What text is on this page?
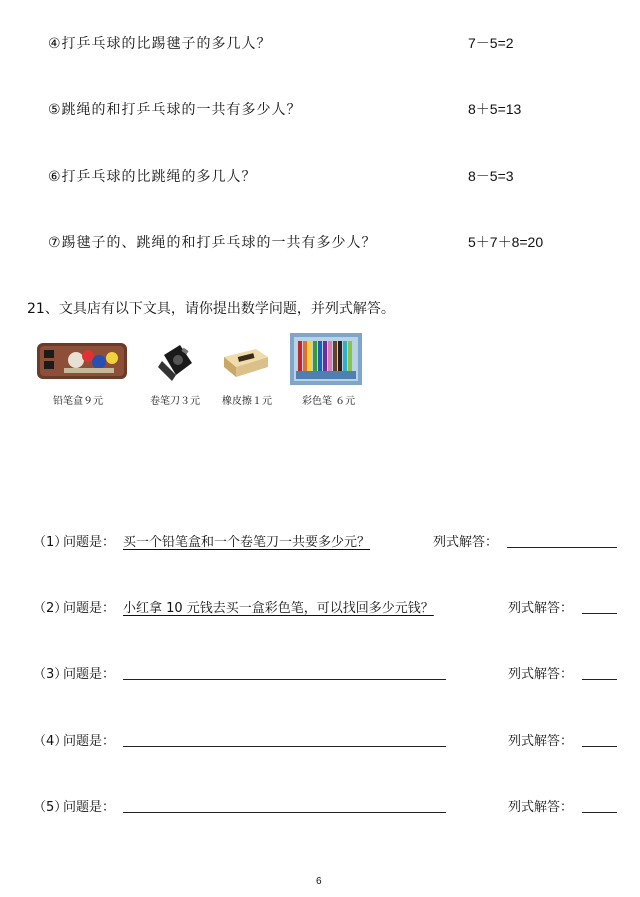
④打乒乓球的比踢毽子的多几人？	7－5=2
⑤跳绳的和打乒乓球的一共有多少人？	8＋5=13
⑥打乒乓球的比跳绳的多几人？	8－5=3
⑦踢毽子的、跳绳的和打乒乓球的一共有多少人？	5＋7＋8=20
21、文具店有以下文具，请你提出数学问题，并列式解答。
铅笔盒９元	卷笔刀３元 橡皮擦１元	彩色笔 ６元
（1）
问题是： 买一个铅笔盒和一个卷笔刀一共要多少元？	列式解答：
（2）
问题是： 小红拿 10 元钱去买一盒彩色笔，可以找回多少元钱？	列式解答：
（3）
问题是：	列式解答：
（4）
问题是：	列式解答：
（5）
问题是：	列式解答：
6
